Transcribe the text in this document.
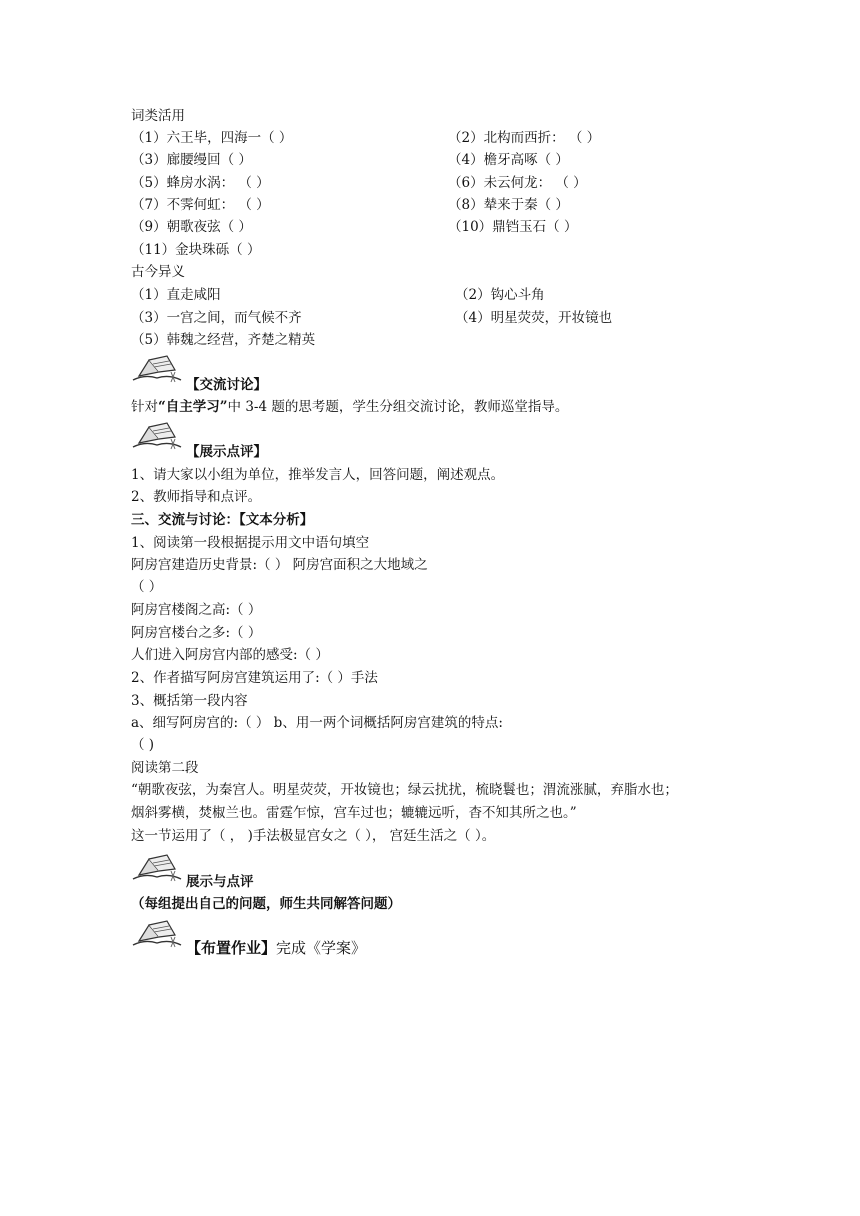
词类活用
（1）六王毕，四海一（ ）	（2）北构而西折： （ ）
（3）廊腰缦回（ ）	（4）檐牙高啄（ ）
（5）蜂房水涡： （ ）	（6）未云何龙： （ ）
（7）不霁何虹： （ ）	（8）辇来于秦（ ）
（9）朝歌夜弦（ ）	（10）鼎铛玉石（ ）
（11）金块珠砾（ ）
古今异义
（1）直走咸阳	（2）钩心斗角
（3）一宫之间，而气候不齐	（4）明星荧荧，开妆镜也
（5）韩魏之经营，齐楚之精英
【交流讨论】
针对“自主学习”中 3-4 题的思考题，学生分组交流讨论，教师巡堂指导。
【展示点评】
1、请大家以小组为单位，推举发言人，回答问题，阐述观点。
2、教师指导和点评。
三、交流与讨论：【文本分析】
1、阅读第一段根据提示用文中语句填空
阿房宫建造历史背景:（ ） 阿房宫面积之大地域之
（ ）
阿房宫楼阁之高:（ ）
阿房宫楼台之多:（ ）
人们进入阿房宫内部的感受:（ ）
2、作者描写阿房宫建筑运用了:（ ）手法
3、概括第一段内容
a、细写阿房宫的:（ ） b、用一两个词概括阿房宫建筑的特点:
（ )
阅读第二段
“朝歌夜弦，为秦宫人。明星荧荧，开妆镜也；绿云扰扰，梳晓鬟也；渭流涨腻，弃脂水也；
烟斜雾横，焚椒兰也。雷霆乍惊，宫车过也；辘辘远听，杳不知其所之也。”
这一节运用了（ ， )手法极显宫女之（ ）， 宫廷生活之（ ）。
展示与点评
（每组提出自己的问题，师生共同解答问题）
【布置作业】完成《学案》
